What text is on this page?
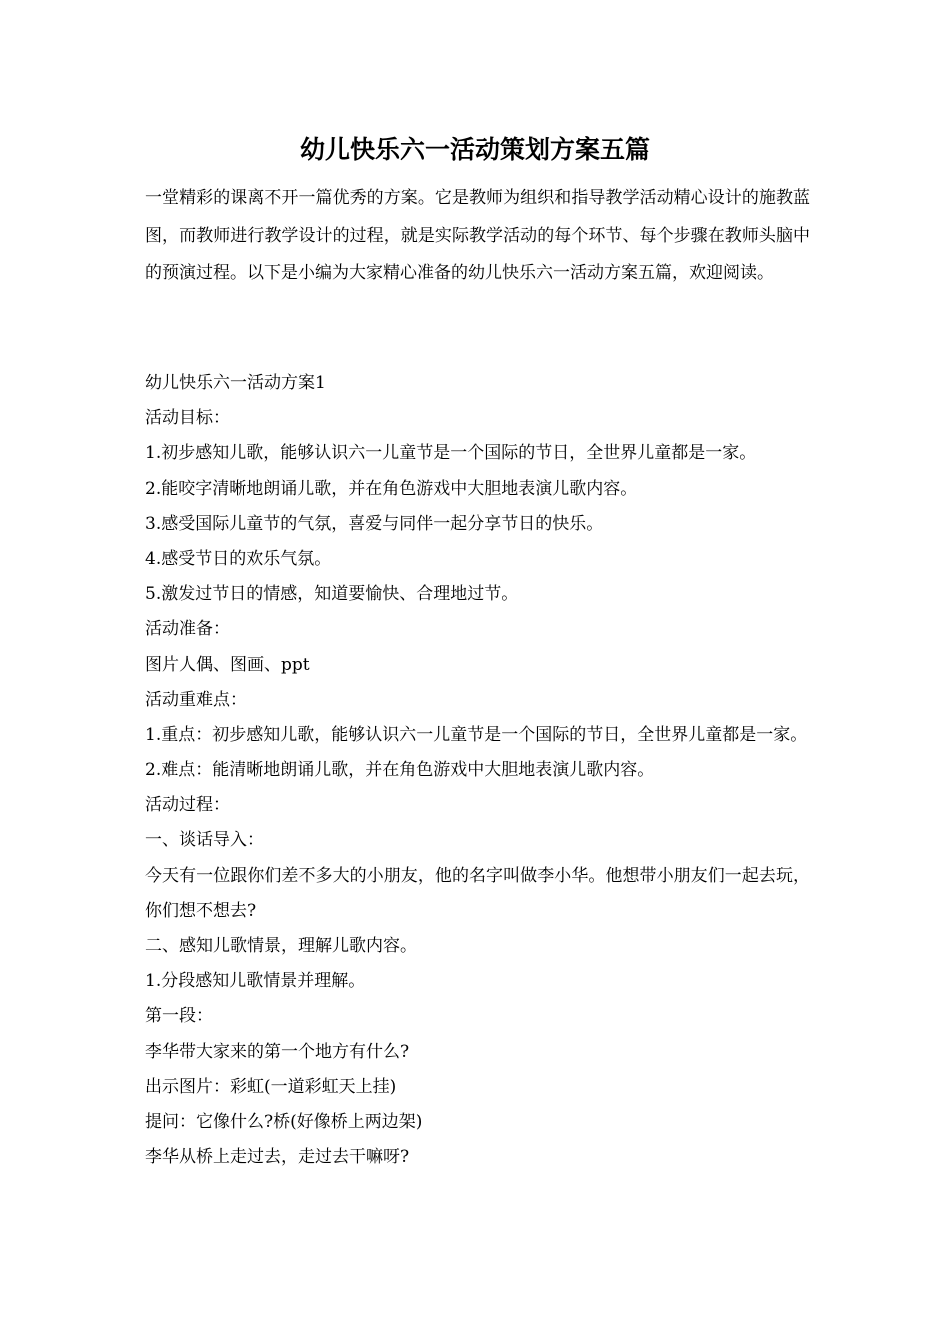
幼儿快乐六一活动策划方案五篇

一堂精彩的课离不开一篇优秀的方案。它是教师为组织和指导教学活动精心设计的施教蓝图，而教师进行教学设计的过程，就是实际教学活动的每个环节、每个步骤在教师头脑中的预演过程。以下是小编为大家精心准备的幼儿快乐六一活动方案五篇，欢迎阅读。

幼儿快乐六一活动方案1

活动目标：

1.初步感知儿歌，能够认识六一儿童节是一个国际的节日，全世界儿童都是一家。

2.能咬字清晰地朗诵儿歌，并在角色游戏中大胆地表演儿歌内容。

3.感受国际儿童节的气氛，喜爱与同伴一起分享节日的快乐。

4.感受节日的欢乐气氛。

5.激发过节日的情感，知道要愉快、合理地过节。

活动准备：

图片人偶、图画、ppt

活动重难点：

1.重点：初步感知儿歌，能够认识六一儿童节是一个国际的节日，全世界儿童都是一家。

2.难点：能清晰地朗诵儿歌，并在角色游戏中大胆地表演儿歌内容。

活动过程：

一、谈话导入：

今天有一位跟你们差不多大的小朋友，他的名字叫做李小华。他想带小朋友们一起去玩，你们想不想去?

二、感知儿歌情景，理解儿歌内容。

1.分段感知儿歌情景并理解。

第一段：

李华带大家来的第一个地方有什么?

出示图片：彩虹(一道彩虹天上挂)

提问：它像什么?桥(好像桥上两边架)

李华从桥上走过去，走过去干嘛呀?
